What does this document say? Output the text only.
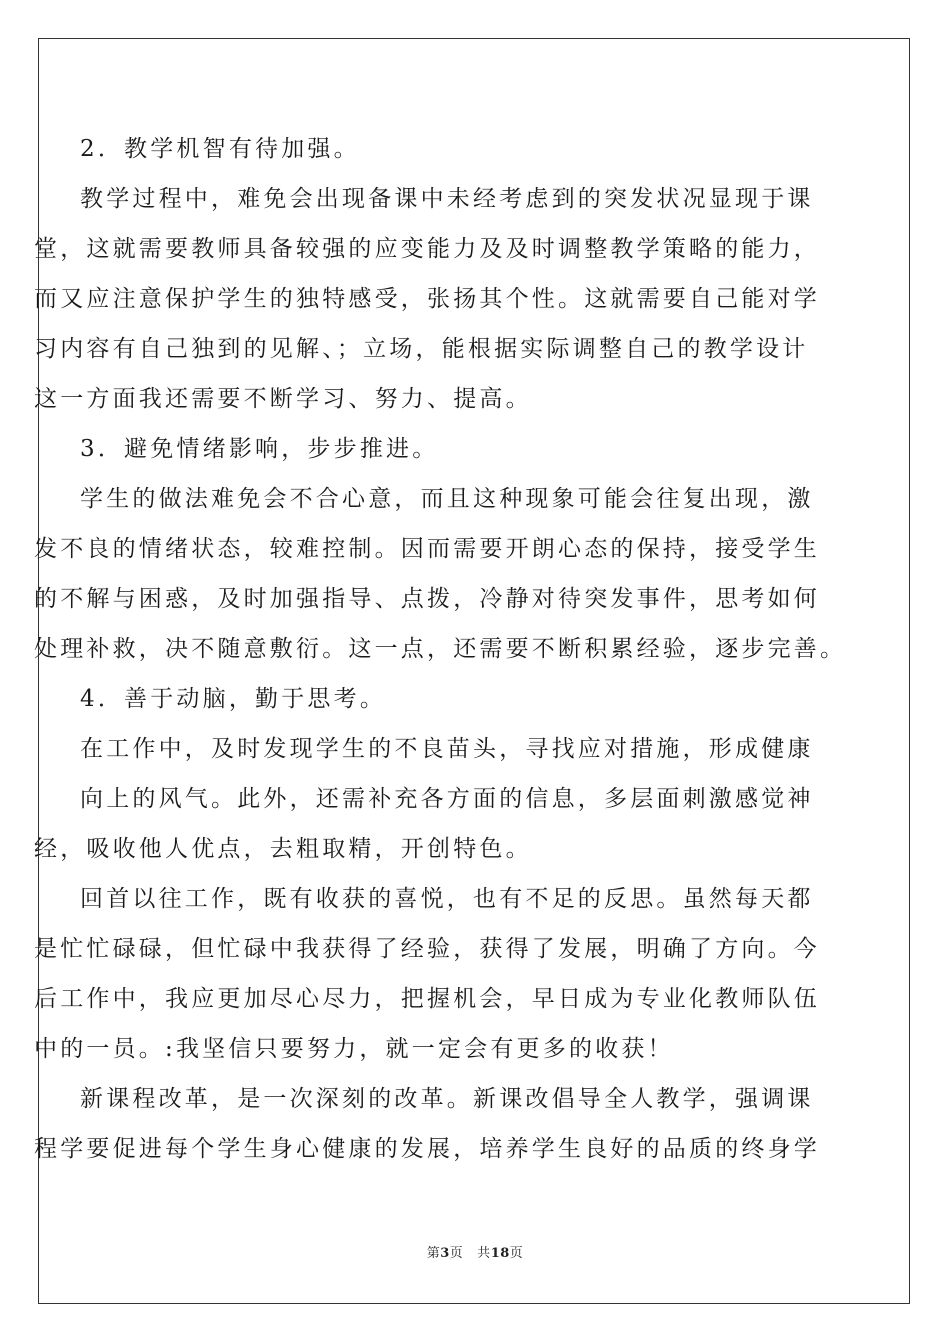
2．教学机智有待加强。
教学过程中，难免会出现备课中未经考虑到的突发状况显现于课
堂，这就需要教师具备较强的应变能力及及时调整教学策略的能力，
而又应注意保护学生的独特感受，张扬其个性。这就需要自己能对学
习内容有自己独到的见解、；立场，能根据实际调整自己的教学设计
这一方面我还需要不断学习、努力、提高。
3．避免情绪影响，步步推进。
学生的做法难免会不合心意，而且这种现象可能会往复出现，激
发不良的情绪状态，较难控制。因而需要开朗心态的保持，接受学生
的不解与困惑，及时加强指导、点拨，冷静对待突发事件，思考如何
处理补救，决不随意敷衍。这一点，还需要不断积累经验，逐步完善。
4．善于动脑，勤于思考。
在工作中，及时发现学生的不良苗头，寻找应对措施，形成健康
向上的风气。此外，还需补充各方面的信息，多层面刺激感觉神
经，吸收他人优点，去粗取精，开创特色。
回首以往工作，既有收获的喜悦，也有不足的反思。虽然每天都
是忙忙碌碌，但忙碌中我获得了经验，获得了发展，明确了方向。今
后工作中，我应更加尽心尽力，把握机会，早日成为专业化教师队伍
中的一员。:我坚信只要努力，就一定会有更多的收获！
新课程改革，是一次深刻的改革。新课改倡导全人教学，强调课
程学要促进每个学生身心健康的发展，培养学生良好的品质的终身学
第3页 共18页
